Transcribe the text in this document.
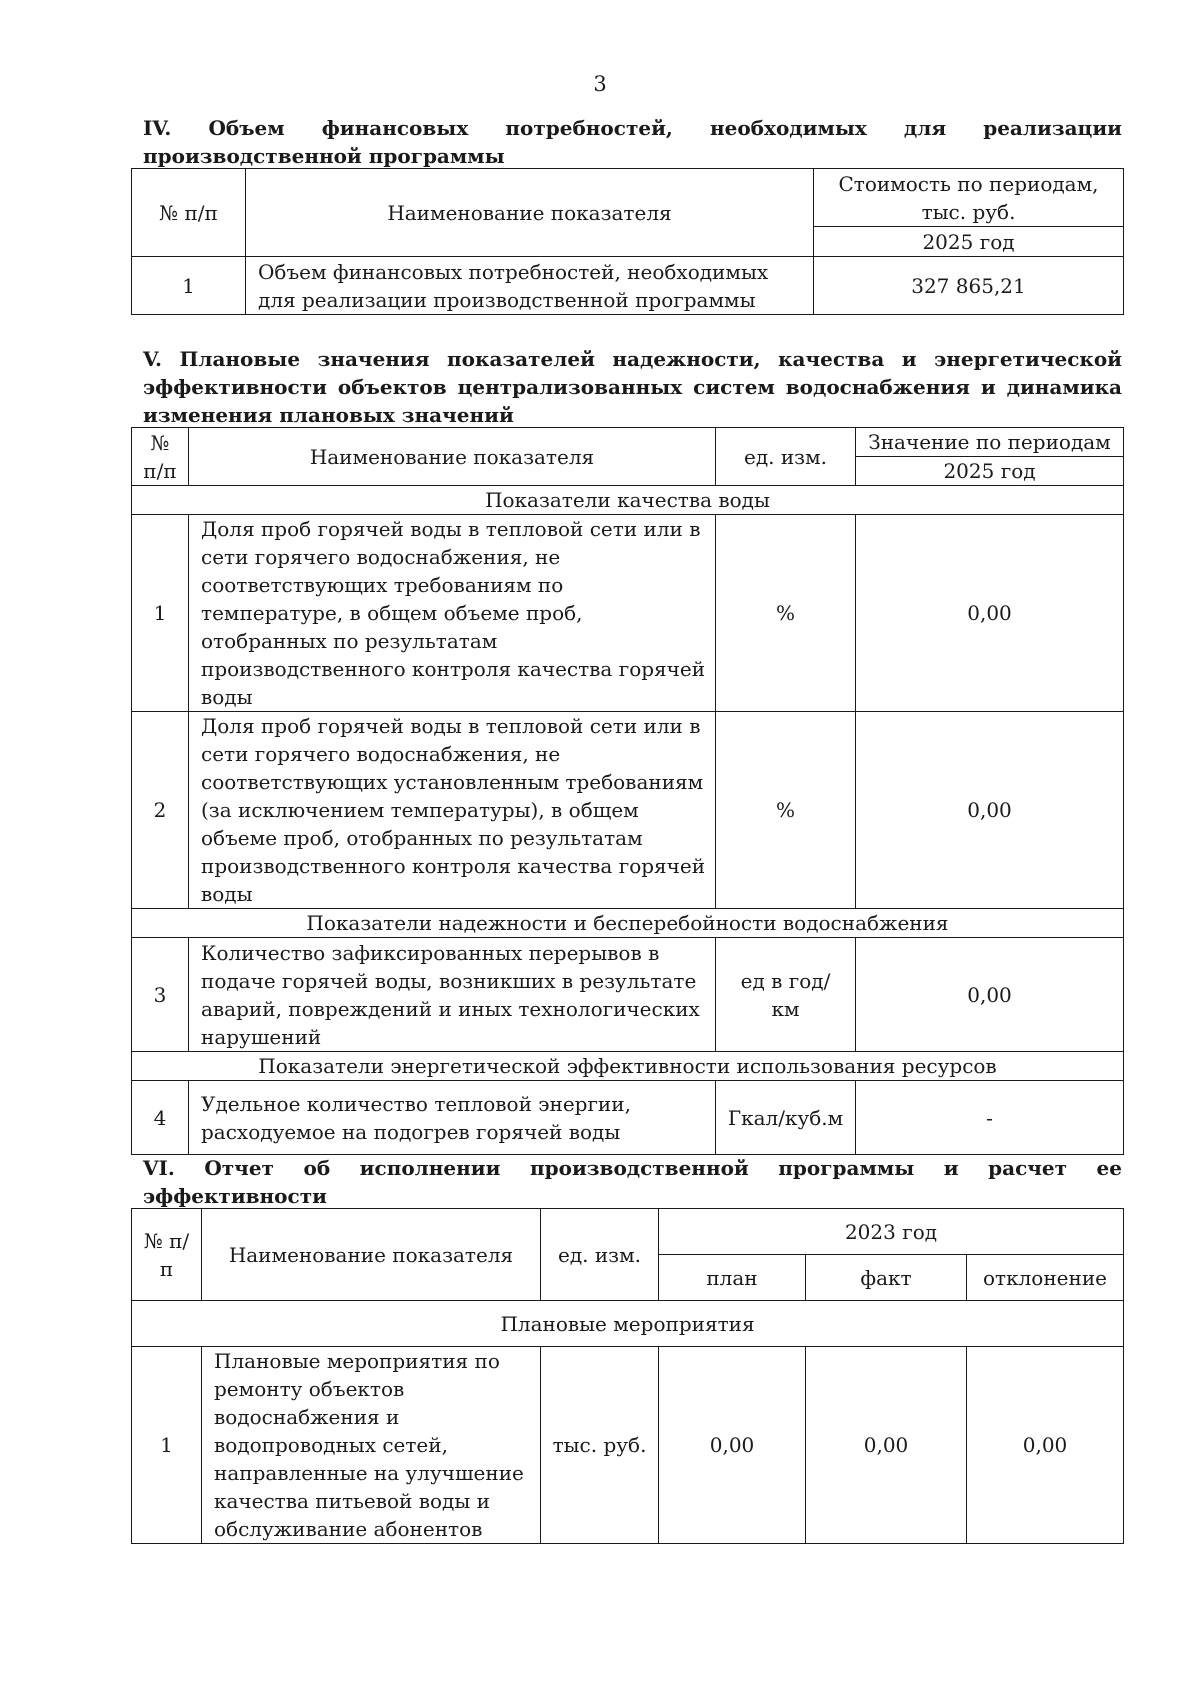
3
IV. Объем финансовых потребностей, необходимых для реализации производственной программы
№ п/п	Наименование показателя	Стоимость по периодам, тыс. руб.
		2025 год
1	Объем финансовых потребностей, необходимых для реализации производственной программы	327 865,21
V. Плановые значения показателей надежности, качества и энергетической эффективности объектов централизованных систем водоснабжения и динамика изменения плановых значений
№ п/п	Наименование показателя	ед. изм.	Значение по периодам
			2025 год
Показатели качества воды			
1	Доля проб горячей воды в тепловой сети или в сети горячего водоснабжения, не соответствующих требованиям по температуре, в общем объеме проб, отобранных по результатам производственного контроля качества горячей воды	%	0,00
2	Доля проб горячей воды в тепловой сети или в сети горячего водоснабжения, не соответствующих установленным требованиям (за исключением температуры), в общем объеме проб, отобранных по результатам производственного контроля качества горячей воды	%	0,00
Показатели надежности и бесперебойности водоснабжения			
3	Количество зафиксированных перерывов в подаче горячей воды, возникших в результате аварий, повреждений и иных технологических нарушений	ед в год/ км	0,00
Показатели энергетической эффективности использования ресурсов			
4	Удельное количество тепловой энергии, расходуемое на подогрев горячей воды	Гкал/куб.м	-
VI. Отчет об исполнении производственной программы и расчет ее эффективности
№ п/п	Наименование показателя	ед. изм.	2023 год		
			план	факт	отклонение
Плановые мероприятия					
1	Плановые мероприятия по ремонту объектов водоснабжения и водопроводных сетей, направленные на улучшение качества питьевой воды и обслуживание абонентов	тыс. руб.	0,00	0,00	0,00
